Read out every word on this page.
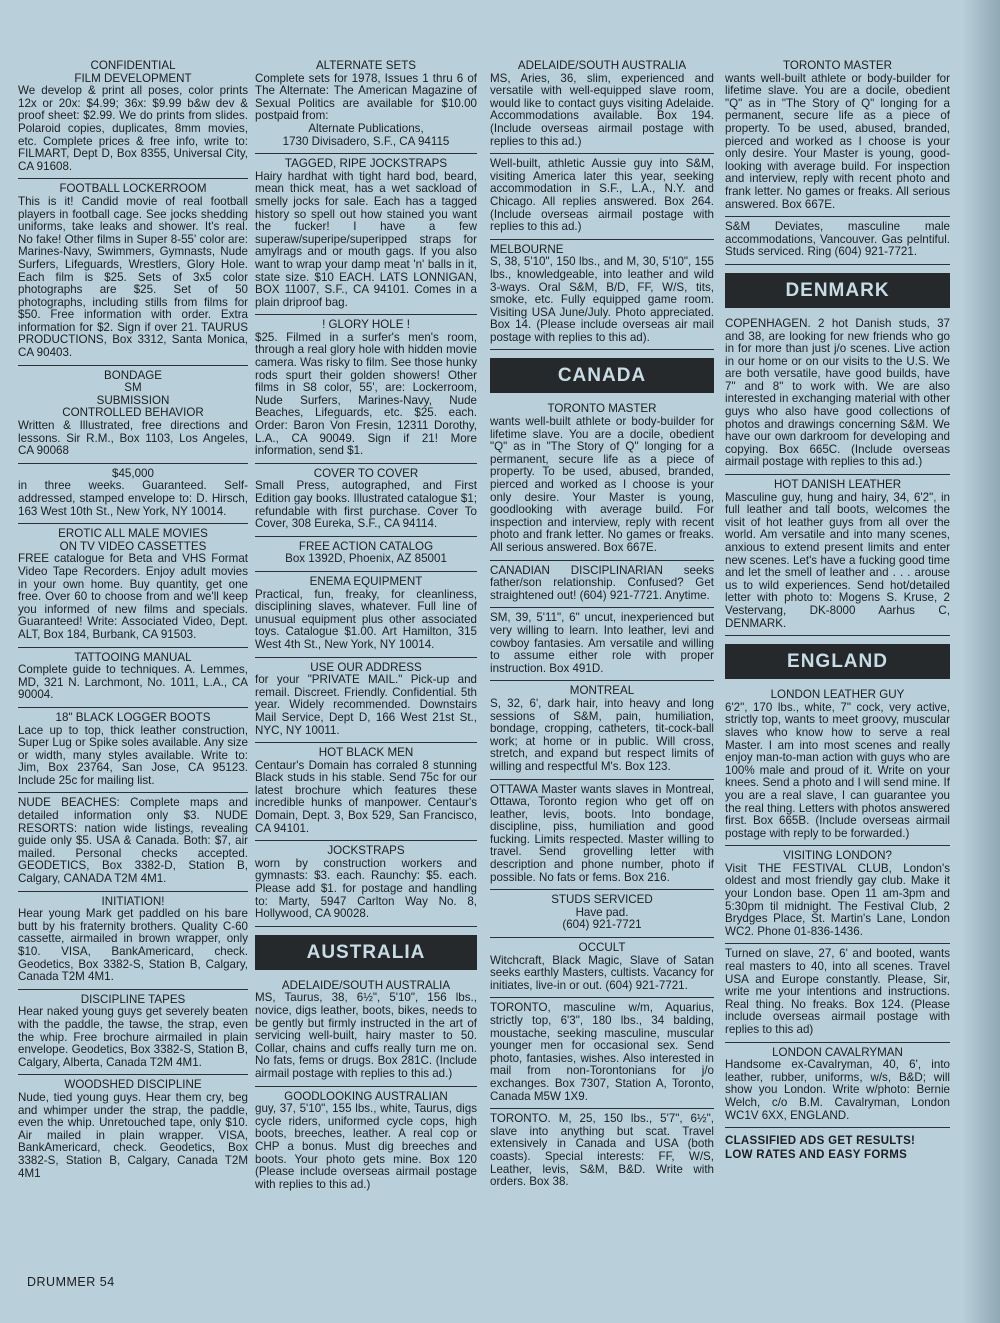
CONFIDENTIAL
FILM DEVELOPMENT
We develop & print all poses, color prints 12x or 20x: $4.99; 36x: $9.99 b&w dev & proof sheet: $2.99. We do prints from slides. Polaroid copies, duplicates, 8mm movies, etc. Complete prices & free info, write to: FILMART, Dept D, Box 8355, Universal City, CA 91608.
FOOTBALL LOCKERROOM
This is it! Candid movie of real football players in football cage. See jocks shedding uniforms, take leaks and shower. It's real. No fake! Other films in Super 8-55' color are: Marines-Navy, Swimmers, Gymnasts, Nude Surfers, Lifeguards, Wrestlers, Glory Hole. Each film is $25. Sets of 3x5 color photographs are $25. Set of 50 photographs, including stills from films for $50. Free information with order. Extra information for $2. Sign if over 21. TAURUS PRODUCTIONS, Box 3312, Santa Monica, CA 90403.
BONDAGE
SM
SUBMISSION
CONTROLLED BEHAVIOR
Written & Illustrated, free directions and lessons. Sir R.M., Box 1103, Los Angeles, CA 90068
$45,000
in three weeks. Guaranteed. Self-addressed, stamped envelope to: D. Hirsch, 163 West 10th St., New York, NY 10014.
EROTIC ALL MALE MOVIES
ON TV VIDEO CASSETTES
FREE catalogue for Beta and VHS Format Video Tape Recorders. Enjoy adult movies in your own home. Buy quantity, get one free. Over 60 to choose from and we'll keep you informed of new films and specials. Guaranteed! Write: Associated Video, Dept. ALT, Box 184, Burbank, CA 91503.
TATTOOING MANUAL
Complete guide to techniques. A. Lemmes, MD, 321 N. Larchmont, No. 1011, L.A., CA 90004.
18" BLACK LOGGER BOOTS
Lace up to top, thick leather construction, Super Lug or Spike soles available. Any size or width, many styles available. Write to: Jim, Box 23764, San Jose, CA 95123. Include 25c for mailing list.
NUDE BEACHES: Complete maps and detailed information only $3. NUDE RESORTS: nation wide listings, revealing guide only $5. USA & Canada. Both: $7, air mailed. Personal checks accepted. GEODETICS, Box 3382-D, Station B, Calgary, CANADA T2M 4M1.
INITIATION!
Hear young Mark get paddled on his bare butt by his fraternity brothers. Quality C-60 cassette, airmailed in brown wrapper, only $10. VISA, BankAmericard, check. Geodetics, Box 3382-S, Station B, Calgary, Canada T2M 4M1.
DISCIPLINE TAPES
Hear naked young guys get severely beaten with the paddle, the tawse, the strap, even the whip. Free brochure airmailed in plain envelope. Geodetics, Box 3382-S, Station B, Calgary, Alberta, Canada T2M 4M1.
WOODSHED DISCIPLINE
Nude, tied young guys. Hear them cry, beg and whimper under the strap, the paddle, even the whip. Unretouched tape, only $10. Air mailed in plain wrapper. VISA, BankAmericard, check. Geodetics, Box 3382-S, Station B, Calgary, Canada T2M 4M1
ALTERNATE SETS
Complete sets for 1978, Issues 1 thru 6 of The Alternate: The American Magazine of Sexual Politics are available for $10.00 postpaid from:
Alternate Publications,
1730 Divisadero, S.F., CA 94115
TAGGED, RIPE JOCKSTRAPS
Hairy hardhat with tight hard bod, beard, mean thick meat, has a wet sackload of smelly jocks for sale. Each has a tagged history so spell out how stained you want the fucker! I have a few superaw/superipe/superipped straps for amylrags and or mouth gags. If you also want to wrap your damp meat 'n' balls in it, state size. $10 EACH. LATS LONNIGAN, BOX 11007, S.F., CA 94101. Comes in a plain driproof bag.
! GLORY HOLE !
$25. Filmed in a surfer's men's room, through a real glory hole with hidden movie camera. Was risky to film. See those hunky rods spurt their golden showers! Other films in S8 color, 55', are: Lockerroom, Nude Surfers, Marines-Navy, Nude Beaches, Lifeguards, etc. $25. each. Order: Baron Von Fresin, 12311 Dorothy, L.A., CA 90049. Sign if 21! More information, send $1.
COVER TO COVER
Small Press, autographed, and First Edition gay books. Illustrated catalogue $1; refundable with first purchase. Cover To Cover, 308 Eureka, S.F., CA 94114.
FREE ACTION CATALOG
Box 1392D, Phoenix, AZ 85001
ENEMA EQUIPMENT
Practical, fun, freaky, for cleanliness, disciplining slaves, whatever. Full line of unusual equipment plus other associated toys. Catalogue $1.00. Art Hamilton, 315 West 4th St., New York, NY 10014.
USE OUR ADDRESS
for your "PRIVATE MAIL." Pick-up and remail. Discreet. Friendly. Confidential. 5th year. Widely recommended. Downstairs Mail Service, Dept D, 166 West 21st St., NYC, NY 10011.
HOT BLACK MEN
Centaur's Domain has corraled 8 stunning Black studs in his stable. Send 75c for our latest brochure which features these incredible hunks of manpower. Centaur's Domain, Dept. 3, Box 529, San Francisco, CA 94101.
JOCKSTRAPS
worn by construction workers and gymnasts: $3. each. Raunchy: $5. each. Please add $1. for postage and handling to: Marty, 5947 Carlton Way No. 8, Hollywood, CA 90028.
AUSTRALIA
ADELAIDE/SOUTH AUSTRALIA
MS, Taurus, 38, 6½", 5'10", 156 lbs., novice, digs leather, boots, bikes, needs to be gently but firmly instructed in the art of servicing well-built, hairy master to 50. Collar, chains and cuffs really turn me on. No fats, fems or drugs. Box 281C. (Include airmail postage with replies to this ad.)
GOODLOOKING AUSTRALIAN
guy, 37, 5'10", 155 lbs., white, Taurus, digs cycle riders, uniformed cycle cops, high boots, breeches, leather. A real cop or CHP a bonus. Must dig breeches and boots. Your photo gets mine. Box 120 (Please include overseas airmail postage with replies to this ad.)
ADELAIDE/SOUTH AUSTRALIA
MS, Aries, 36, slim, experienced and versatile with well-equipped slave room, would like to contact guys visiting Adelaide. Accommodations available. Box 194. (Include overseas airmail postage with replies to this ad.)
Well-built, athletic Aussie guy into S&M, visiting America later this year, seeking accommodation in S.F., L.A., N.Y. and Chicago. All replies answered. Box 264. (Include overseas airmail postage with replies to this ad.)
MELBOURNE
S, 38, 5'10", 150 lbs., and M, 30, 5'10", 155 lbs., knowledgeable, into leather and wild 3-ways. Oral S&M, B/D, FF, W/S, tits, smoke, etc. Fully equipped game room. Visiting USA June/July. Photo appreciated. Box 14. (Please include overseas air mail postage with replies to this ad).
CANADA
TORONTO MASTER
wants well-built athlete or body-builder for lifetime slave. You are a docile, obedient "Q" as in "The Story of Q" longing for a permanent, secure life as a piece of property. To be used, abused, branded, pierced and worked as I choose is your only desire. Your Master is young, goodlooking with average build. For inspection and interview, reply with recent photo and frank letter. No games or freaks. All serious answered. Box 667E.
CANADIAN DISCIPLINARIAN seeks father/son relationship. Confused? Get straightened out! (604) 921-7721. Anytime.
SM, 39, 5'11", 6" uncut, inexperienced but very willing to learn. Into leather, levi and cowboy fantasies. Am versatile and willing to assume either role with proper instruction. Box 491D.
MONTREAL
S, 32, 6', dark hair, into heavy and long sessions of S&M, pain, humiliation, bondage, cropping, catheters, tit-cock-ball work; at home or in public. Will cross, stretch, and expand but respect limits of willing and respectful M's. Box 123.
OTTAWA Master wants slaves in Montreal, Ottawa, Toronto region who get off on leather, levis, boots. Into bondage, discipline, piss, humiliation and good fucking. Limits respected. Master willing to travel. Send grovelling letter with description and phone number, photo if possible. No fats or fems. Box 216.
STUDS SERVICED
Have pad.
(604) 921-7721
OCCULT
Witchcraft, Black Magic, Slave of Satan seeks earthly Masters, cultists. Vacancy for initiates, live-in or out. (604) 921-7721.
TORONTO, masculine w/m, Aquarius, strictly top, 6'3", 180 lbs., 34 balding, moustache, seeking masculine, muscular younger men for occasional sex. Send photo, fantasies, wishes. Also interested in mail from non-Torontonians for j/o exchanges. Box 7307, Station A, Toronto, Canada M5W 1X9.
TORONTO. M, 25, 150 lbs., 5'7", 6½", slave into anything but scat. Travel extensively in Canada and USA (both coasts). Special interests: FF, W/S, Leather, levis, S&M, B&D. Write with orders. Box 38.
TORONTO MASTER
wants well-built athlete or body-builder for lifetime slave. You are a docile, obedient "Q" as in "The Story of Q" longing for a permanent, secure life as a piece of property. To be used, abused, branded, pierced and worked as I choose is your only desire. Your Master is young, good-looking with average build. For inspection and interview, reply with recent photo and frank letter. No games or freaks. All serious answered. Box 667E.
S&M Deviates, masculine male accommodations, Vancouver. Gas pelntiful. Studs serviced. Ring (604) 921-7721.
DENMARK
COPENHAGEN. 2 hot Danish studs, 37 and 38, are looking for new friends who go in for more than just j/o scenes. Live action in our home or on our visits to the U.S. We are both versatile, have good builds, have 7" and 8" to work with. We are also interested in exchanging material with other guys who also have good collections of photos and drawings concerning S&M. We have our own darkroom for developing and copying. Box 665C. (Include overseas airmail postage with replies to this ad.)
HOT DANISH LEATHER
Masculine guy, hung and hairy, 34, 6'2", in full leather and tall boots, welcomes the visit of hot leather guys from all over the world. Am versatile and into many scenes, anxious to extend present limits and enter new scenes. Let's have a fucking good time and let the smell of leather and . . . arouse us to wild experiences. Send hot/detailed letter with photo to: Mogens S. Kruse, 2 Vestervang, DK-8000 Aarhus C, DENMARK.
ENGLAND
LONDON LEATHER GUY
6'2", 170 lbs., white, 7" cock, very active, strictly top, wants to meet groovy, muscular slaves who know how to serve a real Master. I am into most scenes and really enjoy man-to-man action with guys who are 100% male and proud of it. Write on your knees. Send a photo and I will send mine. If you are a real slave, I can guarantee you the real thing. Letters with photos answered first. Box 665B. (Include overseas airmail postage with reply to be forwarded.)
VISITING LONDON?
Visit THE FESTIVAL CLUB, London's oldest and most friendly gay club. Make it your London base. Open 11 am-3pm and 5:30pm til midnight. The Festival Club, 2 Brydges Place, St. Martin's Lane, London WC2. Phone 01-836-1436.
Turned on slave, 27, 6' and booted, wants real masters to 40, into all scenes. Travel USA and Europe constantly. Please, Sir, write me your intentions and instructions. Real thing. No freaks. Box 124. (Please include overseas airmail postage with replies to this ad)
LONDON CAVALRYMAN
Handsome ex-Cavalryman, 40, 6', into leather, rubber, uniforms, w/s, B&D; will show you London. Write w/photo: Bernie Welch, c/o B.M. Cavalryman, London WC1V 6XX, ENGLAND.
CLASSIFIED ADS GET RESULTS!
LOW RATES AND EASY FORMS
DRUMMER 54
